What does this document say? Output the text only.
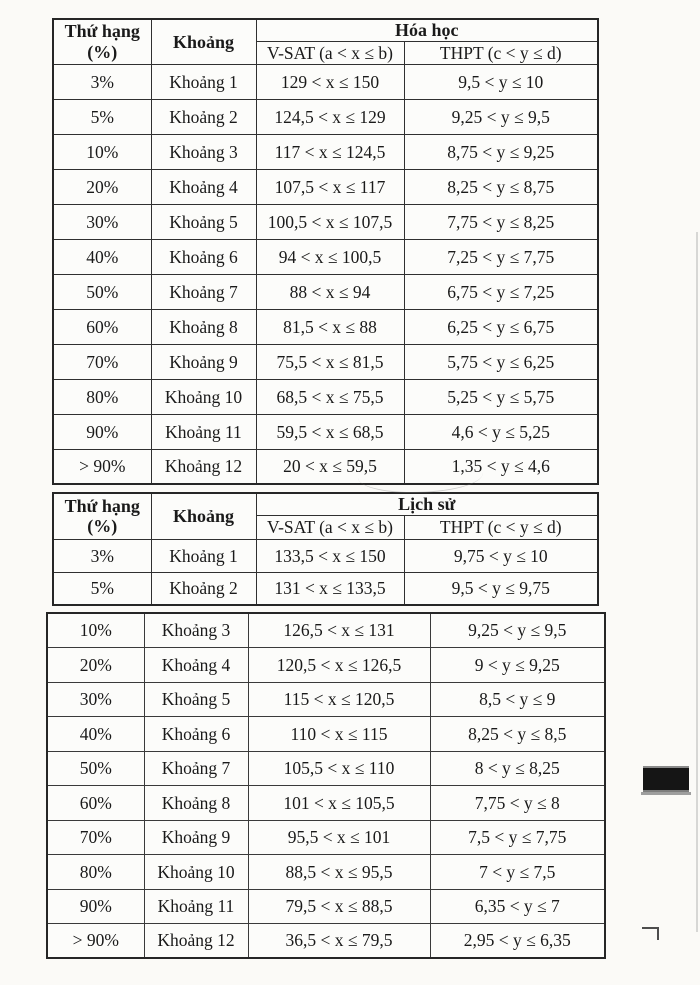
Thứ hạng
(%)	Khoảng	Hóa học	
		V-SAT (a < x ≤ b)	THPT (c < y ≤ d)
3%	Khoảng 1	129 < x ≤ 150	9,5 < y ≤ 10
5%	Khoảng 2	124,5 < x ≤ 129	9,25 < y ≤ 9,5
10%	Khoảng 3	117 < x ≤ 124,5	8,75 < y ≤ 9,25
20%	Khoảng 4	107,5 < x ≤ 117	8,25 < y ≤ 8,75
30%	Khoảng 5	100,5 < x ≤ 107,5	7,75 < y ≤ 8,25
40%	Khoảng 6	94 < x ≤ 100,5	7,25 < y ≤ 7,75
50%	Khoảng 7	88 < x ≤ 94	6,75 < y ≤ 7,25
60%	Khoảng 8	81,5 < x ≤ 88	6,25 < y ≤ 6,75
70%	Khoảng 9	75,5 < x ≤ 81,5	5,75 < y ≤ 6,25
80%	Khoảng 10	68,5 < x ≤ 75,5	5,25 < y ≤ 5,75
90%	Khoảng 11	59,5 < x ≤ 68,5	4,6 < y ≤ 5,25
> 90%	Khoảng 12	20 < x ≤ 59,5	1,35 < y ≤ 4,6
Thứ hạng
(%)	Khoảng	Lịch sử	
		V-SAT (a < x ≤ b)	THPT (c < y ≤ d)
3%	Khoảng 1	133,5 < x ≤ 150	9,75 < y ≤ 10
5%	Khoảng 2	131 < x ≤ 133,5	9,5 < y ≤ 9,75
10%	Khoảng 3	126,5 < x ≤ 131	9,25 < y ≤ 9,5
20%	Khoảng 4	120,5 < x ≤ 126,5	9 < y ≤ 9,25
30%	Khoảng 5	115 < x ≤ 120,5	8,5 < y ≤ 9
40%	Khoảng 6	110 < x ≤ 115	8,25 < y ≤ 8,5
50%	Khoảng 7	105,5 < x ≤ 110	8 < y ≤ 8,25
60%	Khoảng 8	101 < x ≤ 105,5	7,75 < y ≤ 8
70%	Khoảng 9	95,5 < x ≤ 101	7,5 < y ≤ 7,75
80%	Khoảng 10	88,5 < x ≤ 95,5	7 < y ≤ 7,5
90%	Khoảng 11	79,5 < x ≤ 88,5	6,35 < y ≤ 7
> 90%	Khoảng 12	36,5 < x ≤ 79,5	2,95 < y ≤ 6,35
